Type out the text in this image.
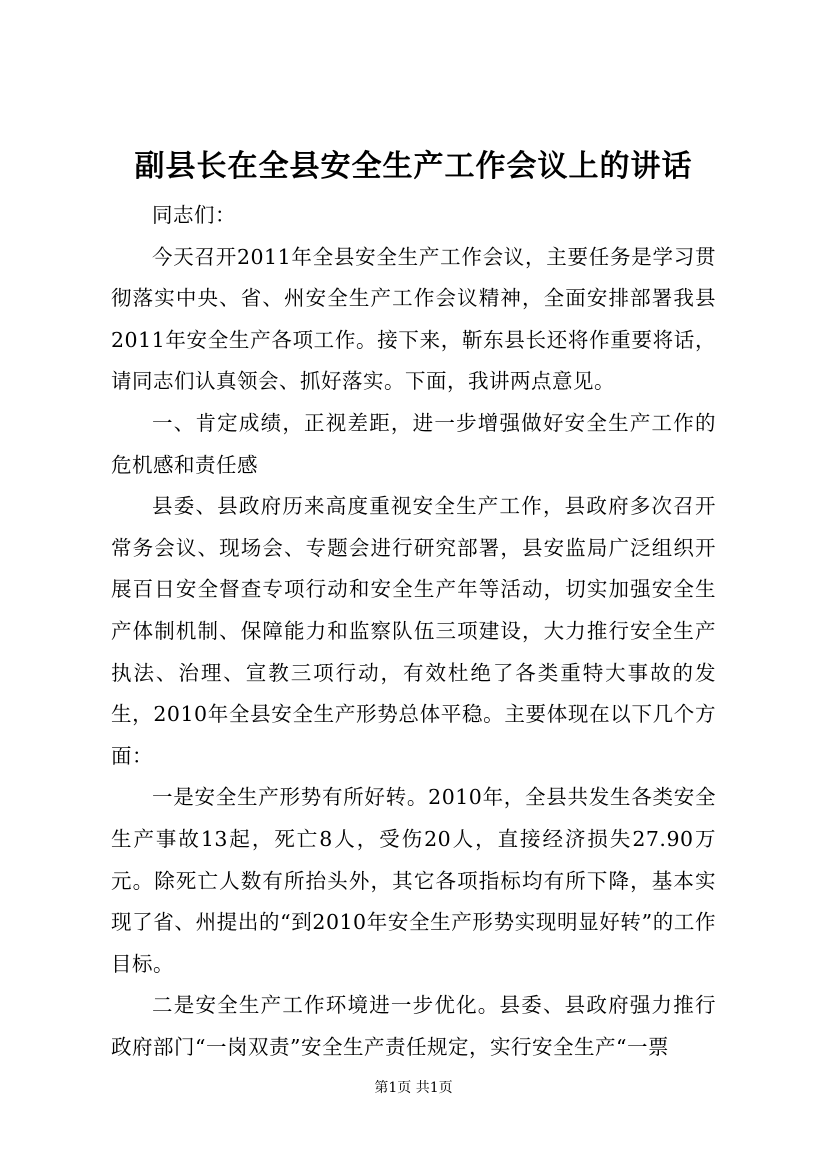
副县长在全县安全生产工作会议上的讲话

同志们：

今天召开2011年全县安全生产工作会议，主要任务是学习贯彻落实中央、省、州安全生产工作会议精神，全面安排部署我县2011年安全生产各项工作。接下来，靳东县长还将作重要将话，请同志们认真领会、抓好落实。下面，我讲两点意见。

一、肯定成绩，正视差距，进一步增强做好安全生产工作的危机感和责任感

县委、县政府历来高度重视安全生产工作，县政府多次召开常务会议、现场会、专题会进行研究部署，县安监局广泛组织开展百日安全督查专项行动和安全生产年等活动，切实加强安全生产体制机制、保障能力和监察队伍三项建设，大力推行安全生产执法、治理、宣教三项行动，有效杜绝了各类重特大事故的发生，2010年全县安全生产形势总体平稳。主要体现在以下几个方面：

一是安全生产形势有所好转。2010年，全县共发生各类安全生产事故13起，死亡8人，受伤20人，直接经济损失27.90万元。除死亡人数有所抬头外，其它各项指标均有所下降，基本实现了省、州提出的“到2010年安全生产形势实现明显好转”的工作目标。

二是安全生产工作环境进一步优化。县委、县政府强力推行政府部门“一岗双责”安全生产责任规定，实行安全生产“一票

第1页 共1页
